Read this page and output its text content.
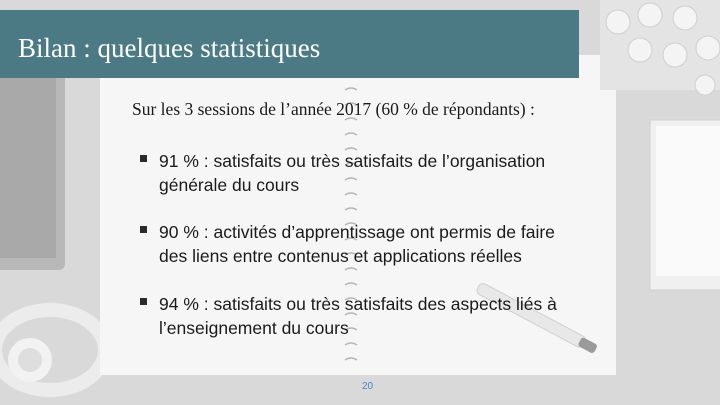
Bilan : quelques statistiques
Sur les 3 sessions de l’année 2017 (60 % de répondants) :
91 % : satisfaits ou très satisfaits de l’organisation
générale du cours
90 % : activités d’apprentissage ont permis de faire
des liens entre contenus et applications réelles
94 % : satisfaits ou très satisfaits des aspects liés à
l’enseignement du cours
20
